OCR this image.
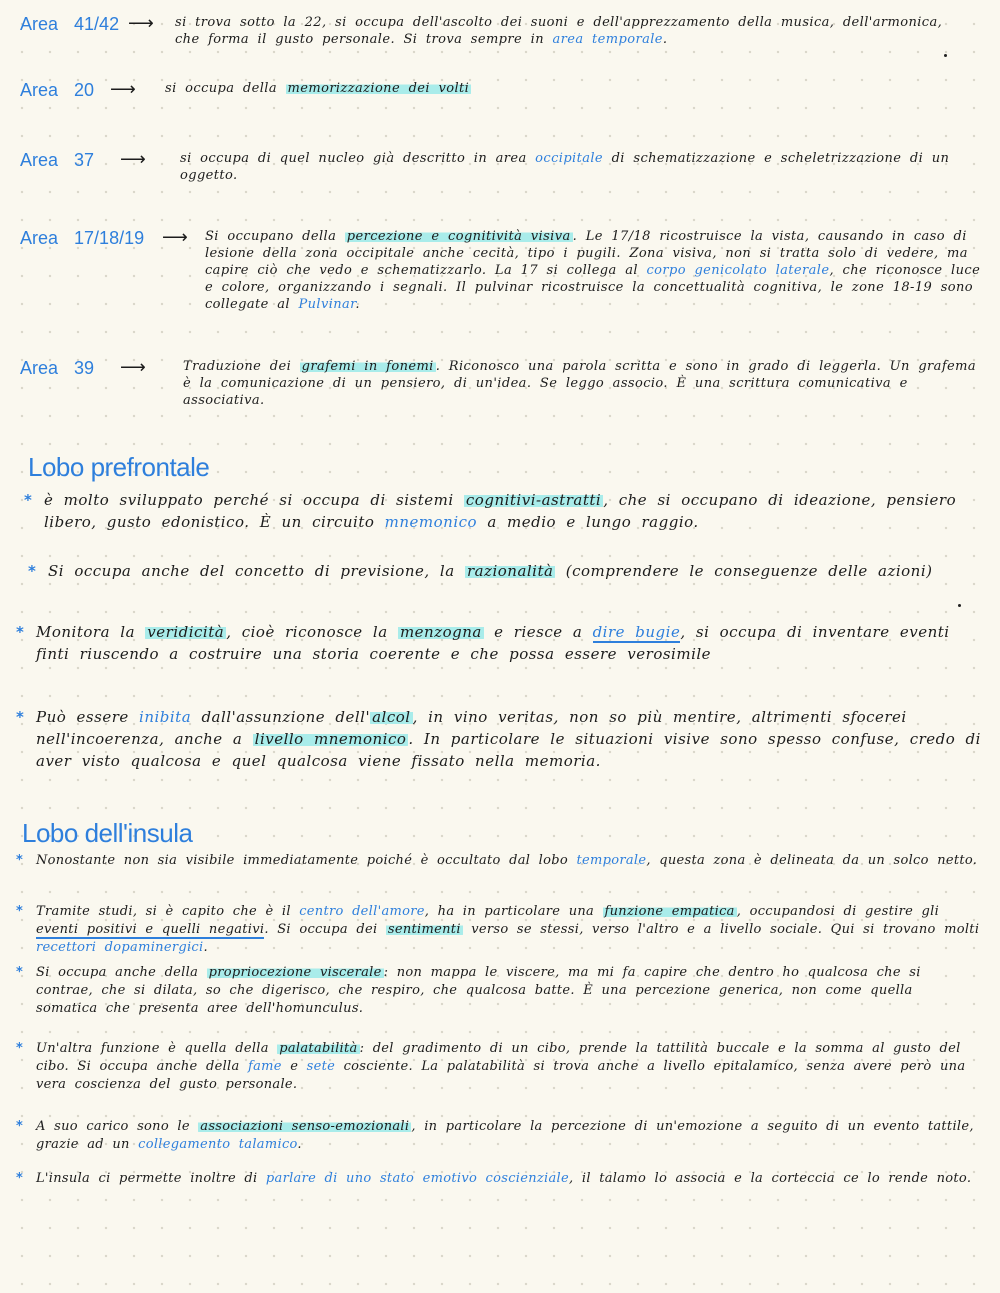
Area 41/42 ⟶ si trova sotto la 22, si occupa dell'ascolto dei suoni e dell'apprezzamento della musica, dell'armonica, che forma il gusto personale. Si trova sempre in area temporale.
Area 20 ⟶ si occupa della memorizzazione dei volti
Area 37 ⟶	si occupa di quel nucleo già descritto in area occipitale di schematizzazione e scheletrizzazione di un oggetto.
Area 17/18/19 ⟶ Si occupano della percezione e cognitività visiva . Le 17/18 ricostruisce la vista, causando in caso di lesione della zona occipitale anche cecità, tipo i pugili. Zona visiva, non si tratta solo di vedere, ma capire ciò che vedo e schematizzarlo. La 17 si collega al corpo genicolato laterale, che riconosce luce e colore, organizzando i segnali. Il pulvinar ricostruisce la concettualità cognitiva, le zone 18-19 sono collegate al Pulvinar.
Area 39 ⟶	Traduzione dei grafemi in fonemi . Riconosco una parola scritta e sono in grado di leggerla. Un grafema è la comunicazione di un pensiero, di un'idea. Se leggo associo. È una scrittura comunicativa e associativa.
Lobo prefrontale
* è molto sviluppato perché si occupa di sistemi cognitivi-astratti , che si occupano di ideazione, pensiero libero, gusto edonistico. È un circuito mnemonico a medio e lungo raggio.
* Si occupa anche del concetto di previsione, la razionalità (comprendere le conseguenze delle azioni)
* Monitora la veridicità , cioè riconosce la menzogna e riesce a dire bugie, si occupa di inventare eventi finti riuscendo a costruire una storia coerente e che possa essere verosimile
* Può essere inibita dall'assunzione dell' alcol , in vino veritas, non so più mentire, altrimenti sfocerei nell'incoerenza, anche a livello mnemonico . In particolare le situazioni visive sono spesso confuse, credo di aver visto qualcosa e quel qualcosa viene fissato nella memoria.
Lobo dell'insula
* Nonostante non sia visibile immediatamente poiché è occultato dal lobo temporale, questa zona è delineata da un solco netto.
* Tramite studi, si è capito che è il centro dell'amore, ha in particolare una funzione empatica , occupandosi di gestire gli eventi positivi e quelli negativi. Si occupa dei sentimenti verso se stessi, verso l'altro e a livello sociale. Qui si trovano molti recettori dopaminergici.
* Si occupa anche della propriocezione viscerale : non mappa le viscere, ma mi fa capire che dentro ho qualcosa che si contrae, che si dilata, so che digerisco, che respiro, che qualcosa batte. È una percezione generica, non come quella somatica che presenta aree dell'homunculus.
* Un'altra funzione è quella della palatabilità : del gradimento di un cibo, prende la tattilità buccale e la somma al gusto del cibo. Si occupa anche della fame e sete cosciente. La palatabilità si trova anche a livello epitalamico, senza avere però una vera coscienza del gusto personale.
* A suo carico sono le associazioni senso-emozionali , in particolare la percezione di un'emozione a seguito di un evento tattile, grazie ad un collegamento talamico.
* L'insula ci permette inoltre di parlare di uno stato emotivo coscienziale, il talamo lo associa e la corteccia ce lo rende noto.
